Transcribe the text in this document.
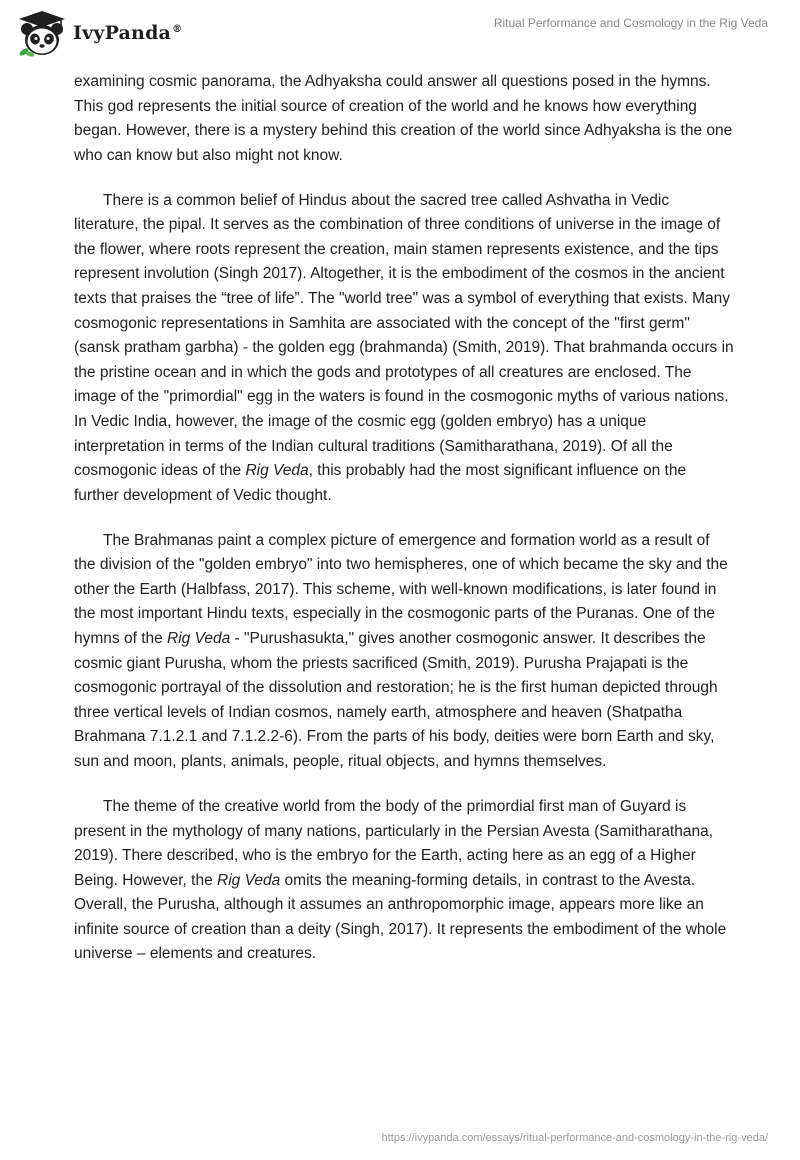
IvyPanda®	Ritual Performance and Cosmology in the Rig Veda

examining cosmic panorama, the Adhyaksha could answer all questions posed in the hymns. This god represents the initial source of creation of the world and he knows how everything began. However, there is a mystery behind this creation of the world since Adhyaksha is the one who can know but also might not know.

There is a common belief of Hindus about the sacred tree called Ashvatha in Vedic literature, the pipal. It serves as the combination of three conditions of universe in the image of the flower, where roots represent the creation, main stamen represents existence, and the tips represent involution (Singh 2017). Altogether, it is the embodiment of the cosmos in the ancient texts that praises the “tree of life”. The "world tree" was a symbol of everything that exists. Many cosmogonic representations in Samhita are associated with the concept of the "first germ" (sansk pratham garbha) - the golden egg (brahmanda) (Smith, 2019). That brahmanda occurs in the pristine ocean and in which the gods and prototypes of all creatures are enclosed. The image of the "primordial" egg in the waters is found in the cosmogonic myths of various nations. In Vedic India, however, the image of the cosmic egg (golden embryo) has a unique interpretation in terms of the Indian cultural traditions (Samitharathana, 2019). Of all the cosmogonic ideas of the Rig Veda, this probably had the most significant influence on the further development of Vedic thought.

The Brahmanas paint a complex picture of emergence and formation world as a result of the division of the "golden embryo" into two hemispheres, one of which became the sky and the other the Earth (Halbfass, 2017). This scheme, with well-known modifications, is later found in the most important Hindu texts, especially in the cosmogonic parts of the Puranas. One of the hymns of the Rig Veda - "Purushasukta," gives another cosmogonic answer. It describes the cosmic giant Purusha, whom the priests sacrificed (Smith, 2019). Purusha Prajapati is the cosmogonic portrayal of the dissolution and restoration; he is the first human depicted through three vertical levels of Indian cosmos, namely earth, atmosphere and heaven (Shatpatha Brahmana 7.1.2.1 and 7.1.2.2-6). From the parts of his body, deities were born Earth and sky, sun and moon, plants, animals, people, ritual objects, and hymns themselves.

The theme of the creative world from the body of the primordial first man of Guyard is present in the mythology of many nations, particularly in the Persian Avesta (Samitharathana, 2019). There described, who is the embryo for the Earth, acting here as an egg of a Higher Being. However, the Rig Veda omits the meaning-forming details, in contrast to the Avesta. Overall, the Purusha, although it assumes an anthropomorphic image, appears more like an infinite source of creation than a deity (Singh, 2017). It represents the embodiment of the whole universe – elements and creatures.

https://ivypanda.com/essays/ritual-performance-and-cosmology-in-the-rig-veda/
